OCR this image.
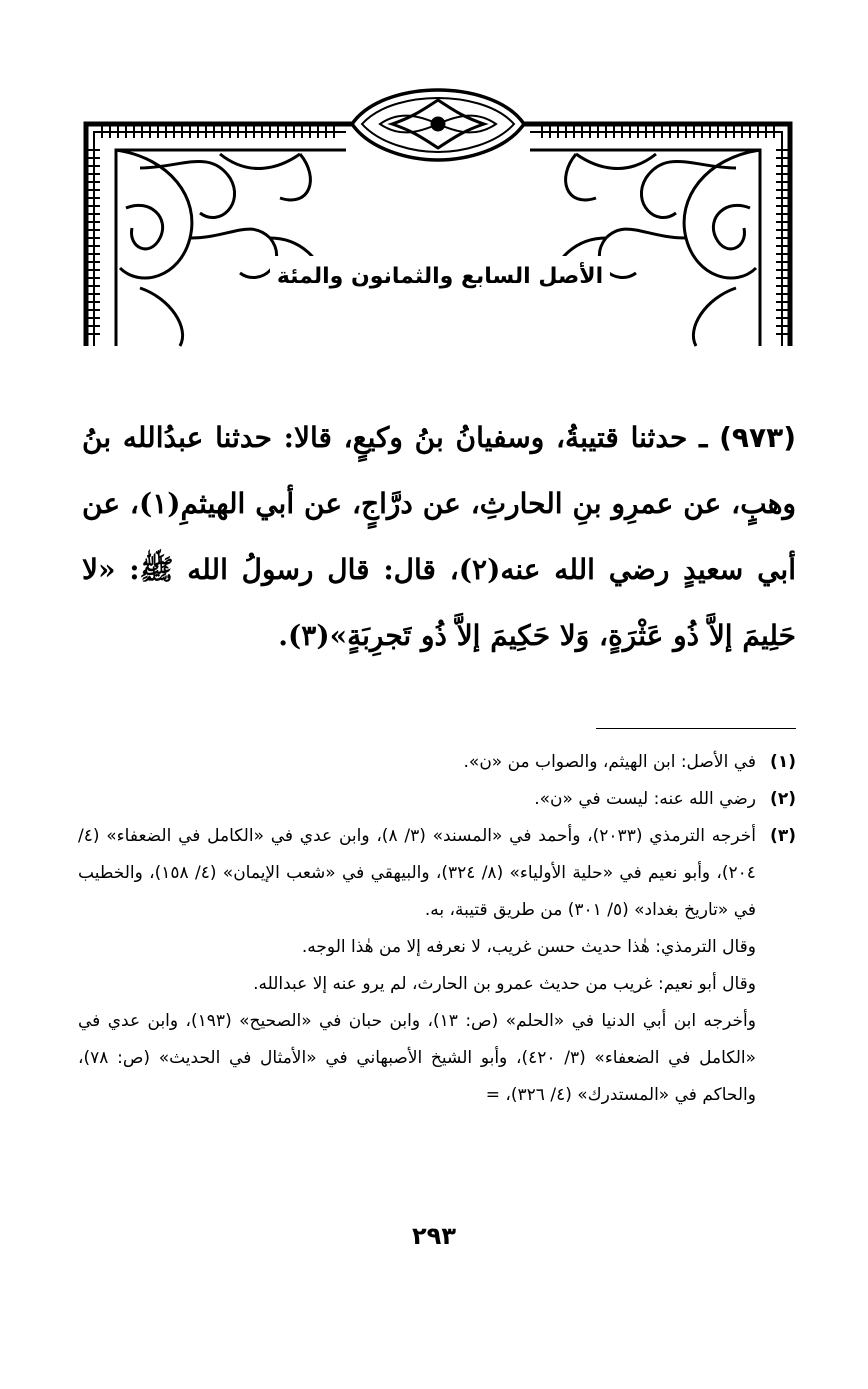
الأصل السابع والثمانون والمئة
(٩٧٣) ـ حدثنا قتيبةُ، وسفيانُ بنُ وكيعٍ، قالا: حدثنا عبدُالله بنُ وهبٍ، عن عمرِو بنِ الحارثِ، عن درَّاجٍ، عن أبي الهيثمِ(١)، عن أبي سعيدٍ رضي الله عنه(٢)، قال: قال رسولُ الله ﷺ: «لا حَلِيمَ إلاَّ ذُو عَثْرَةٍ، وَلا حَكِيمَ إلاَّ ذُو تَجرِبَةٍ»(٣).
(١)

في الأصل: ابن الهيثم، والصواب من «ن».

(٢)

رضي الله عنه: ليست في «ن».

(٣)

أخرجه الترمذي (٢٠٣٣)، وأحمد في «المسند» (٣/ ٨)، وابن عدي في «الكامل في الضعفاء» (٤/ ٢٠٤)، وأبو نعيم في «حلية الأولياء» (٨/ ٣٢٤)، والبيهقي في «شعب الإيمان» (٤/ ١٥٨)، والخطيب في «تاريخ بغداد» (٥/ ٣٠١) من طريق قتيبة، به.

وقال الترمذي: هٰذا حديث حسن غريب، لا نعرفه إلا من هٰذا الوجه.

وقال أبو نعيم: غريب من حديث عمرو بن الحارث، لم يرو عنه إلا عبدالله.

وأخرجه ابن أبي الدنيا في «الحلم» (ص: ١٣)، وابن حبان في «الصحيح» (١٩٣)، وابن عدي في «الكامل في الضعفاء» (٣/ ٤٢٠)، وأبو الشيخ الأصبهاني في «الأمثال في الحديث» (ص: ٧٨)، والحاكم في «المستدرك» (٤/ ٣٢٦)، =

٢٩٣
